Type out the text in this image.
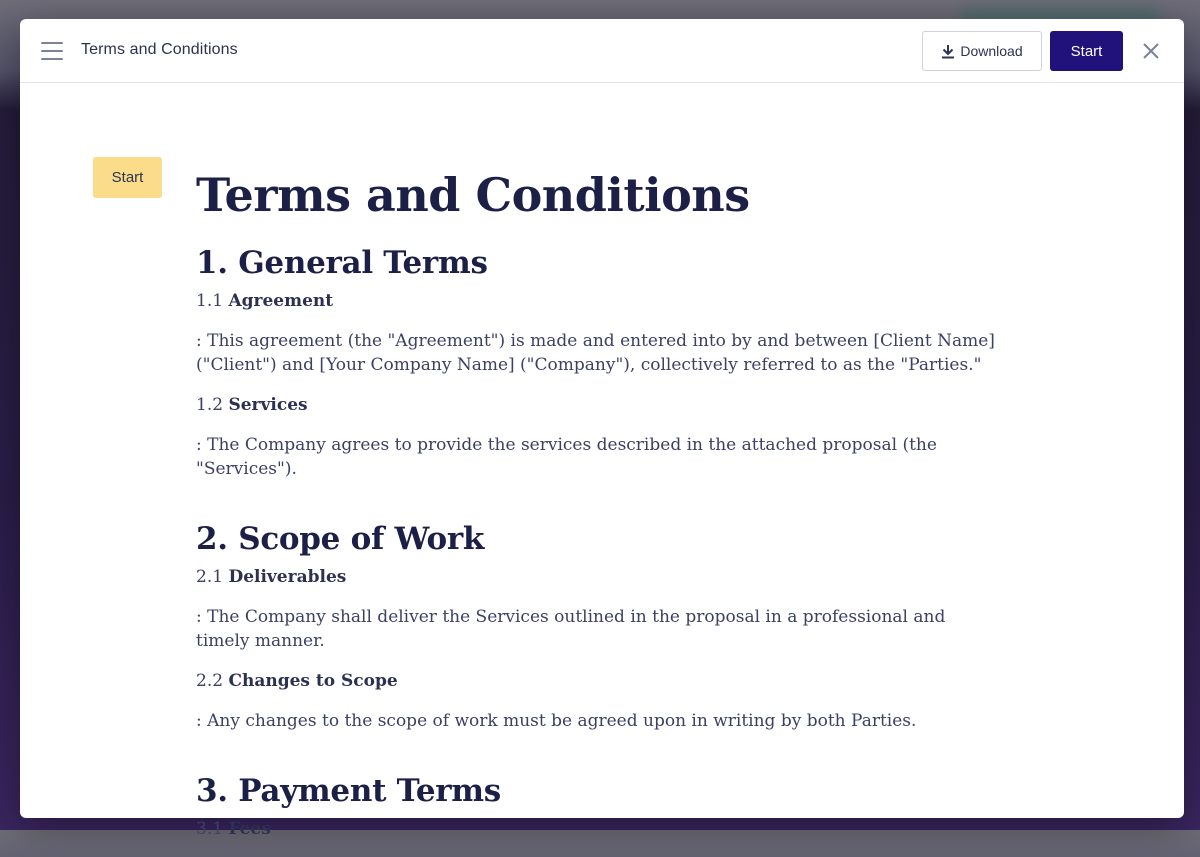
Terms and Conditions	Download	Start
Start	Terms and Conditions
1. General Terms
1.1 Agreement

: This agreement (the "Agreement") is made and entered into by and between [Client Name] ("Client") and [Your Company Name] ("Company"), collectively referred to as the "Parties."

1.2 Services

: The Company agrees to provide the services described in the attached proposal (the "Services").

2. Scope of Work
2.1 Deliverables

: The Company shall deliver the Services outlined in the proposal in a professional and timely manner.

2.2 Changes to Scope

: Any changes to the scope of work must be agreed upon in writing by both Parties.

3. Payment Terms
3.1 Fees
